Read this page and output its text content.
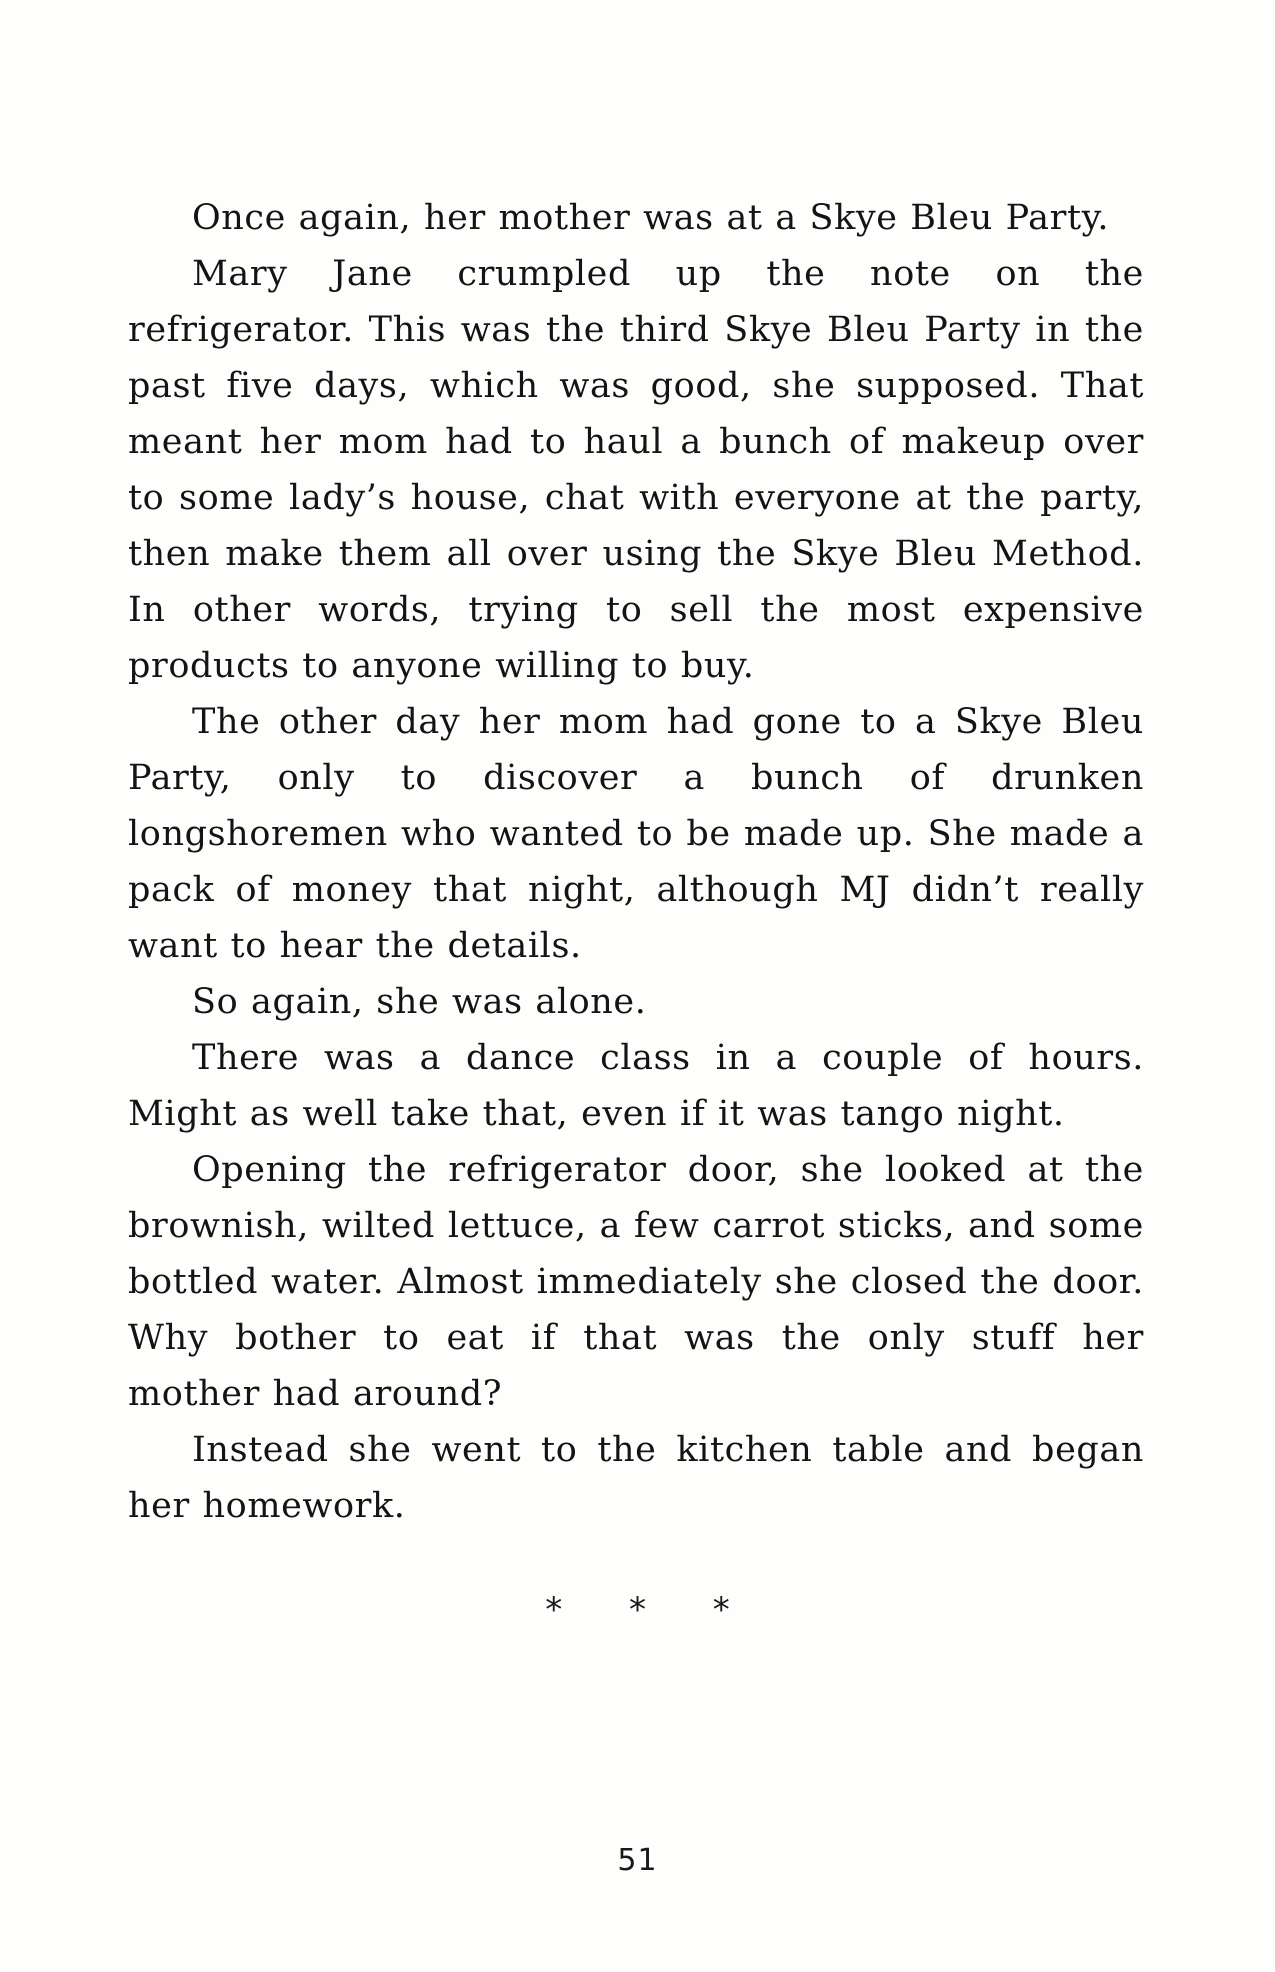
Once again, her mother was at a Skye Bleu Party.

Mary Jane crumpled up the note on the refrigerator. This was the third Skye Bleu Party in the past five days, which was good, she supposed. That meant her mom had to haul a bunch of makeup over to some lady’s house, chat with everyone at the party, then make them all over using the Skye Bleu Method. In other words, trying to sell the most expensive products to anyone willing to buy.

The other day her mom had gone to a Skye Bleu Party, only to discover a bunch of drunken longshoremen who wanted to be made up. She made a pack of money that night, although MJ didn’t really want to hear the details.

So again, she was alone.

There was a dance class in a couple of hours. Might as well take that, even if it was tango night.

Opening the refrigerator door, she looked at the brownish, wilted lettuce, a few carrot sticks, and some bottled water. Almost immediately she closed the door. Why bother to eat if that was the only stuff her mother had around?

Instead she went to the kitchen table and began her homework.

* * *
51
